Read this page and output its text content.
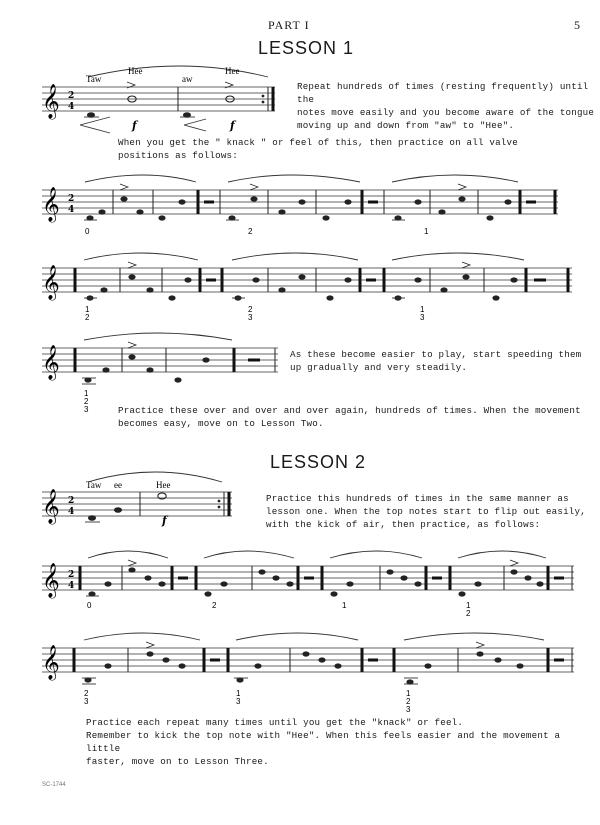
PART I	5
LESSON 1
LESSON 2
Repeat hundreds of times (resting frequently) until the
notes move easily and you become aware of the tongue
moving up and down from "aw" to "Hee".
When you get the " knack " or feel of this, then practice on all valve
positions as follows:
As these become easier to play, start speeding them
up gradually and very steadily.
Practice these over and over and over again, hundreds of times. When the movement
becomes easy, move on to Lesson Two.
Practice this hundreds of times in the same manner as
lesson one. When the top notes start to flip out easily,
with the kick of air, then practice, as follows:
Practice each repeat many times until you get the "knack" or feel.
Remember to kick the top note with "Hee". When this feels easier and the movement a little
faster, move on to Lesson Three.
SC-1744
𝄞 2
4
Taw
Hee
aw
Hee
f	f
𝄞 2
4
0	2	1
𝄞
1
2
2
3
1
3
𝄞
1
2
3
𝄞 2
4
Taw ee	Hee
f
𝄞 2
4
0	2	1	1
2
𝄞
2
3
1
3
1
2
3
